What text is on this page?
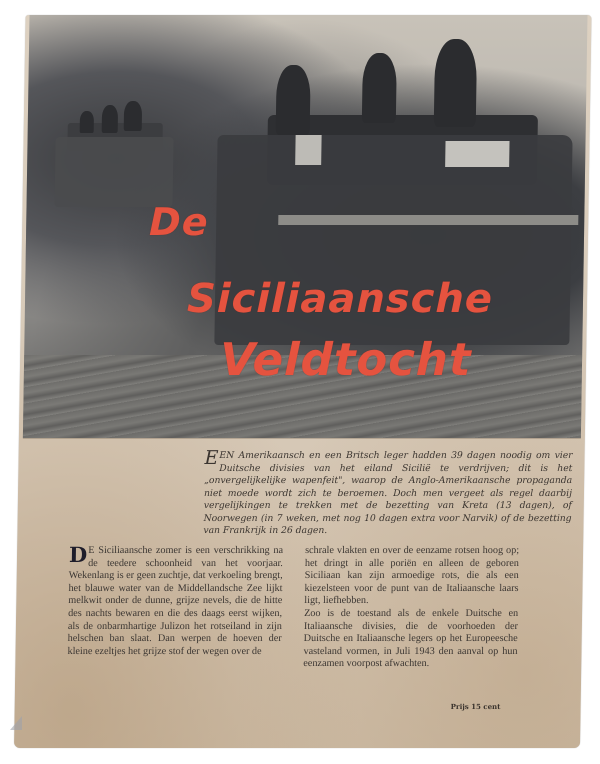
De
Siciliaansche
Veldtocht
EEN Amerikaansch en een Britsch leger hadden 39 dagen noodig om vier Duitsche divisies van het eiland Sicilië te verdrijven; dit is het „onvergelijkelijke wapenfeit", waarop de Anglo-Amerikaansche propaganda niet moede wordt zich te beroemen. Doch men vergeet als regel daarbij vergelijkingen te trekken met de bezetting van Kreta (13 dagen), of Noorwegen (in 7 weken, met nog 10 dagen extra voor Narvik) of de bezetting van Frankrijk in 26 dagen.
D E Siciliaansche zomer is een verschrikking na de teedere schoonheid van het voorjaar. Wekenlang is er geen zuchtje, dat verkoeling brengt, het blauwe water van de Middellandsche Zee lijkt melkwit onder de dunne, grijze nevels, die de hitte des nachts bewaren en die des daags eerst wijken, als de onbarmhartige Julizon het rotseiland in zijn helschen ban slaat. Dan werpen de hoeven der kleine ezeltjes het grijze stof der wegen over de

schrale vlakten en over de eenzame rotsen hoog op; het dringt in alle poriën en alleen de geboren Siciliaan kan zijn armoedige rots, die als een kiezelsteen voor de punt van de Italiaansche laars ligt, liefhebben.

Zoo is de toestand als de enkele Duitsche en Italiaansche divisies, die de voorhoeden der Duitsche en Italiaansche legers op het Europeesche vasteland vormen, in Juli 1943 den aanval op hun eenzamen voorpost afwachten.

Prijs 15 cent
